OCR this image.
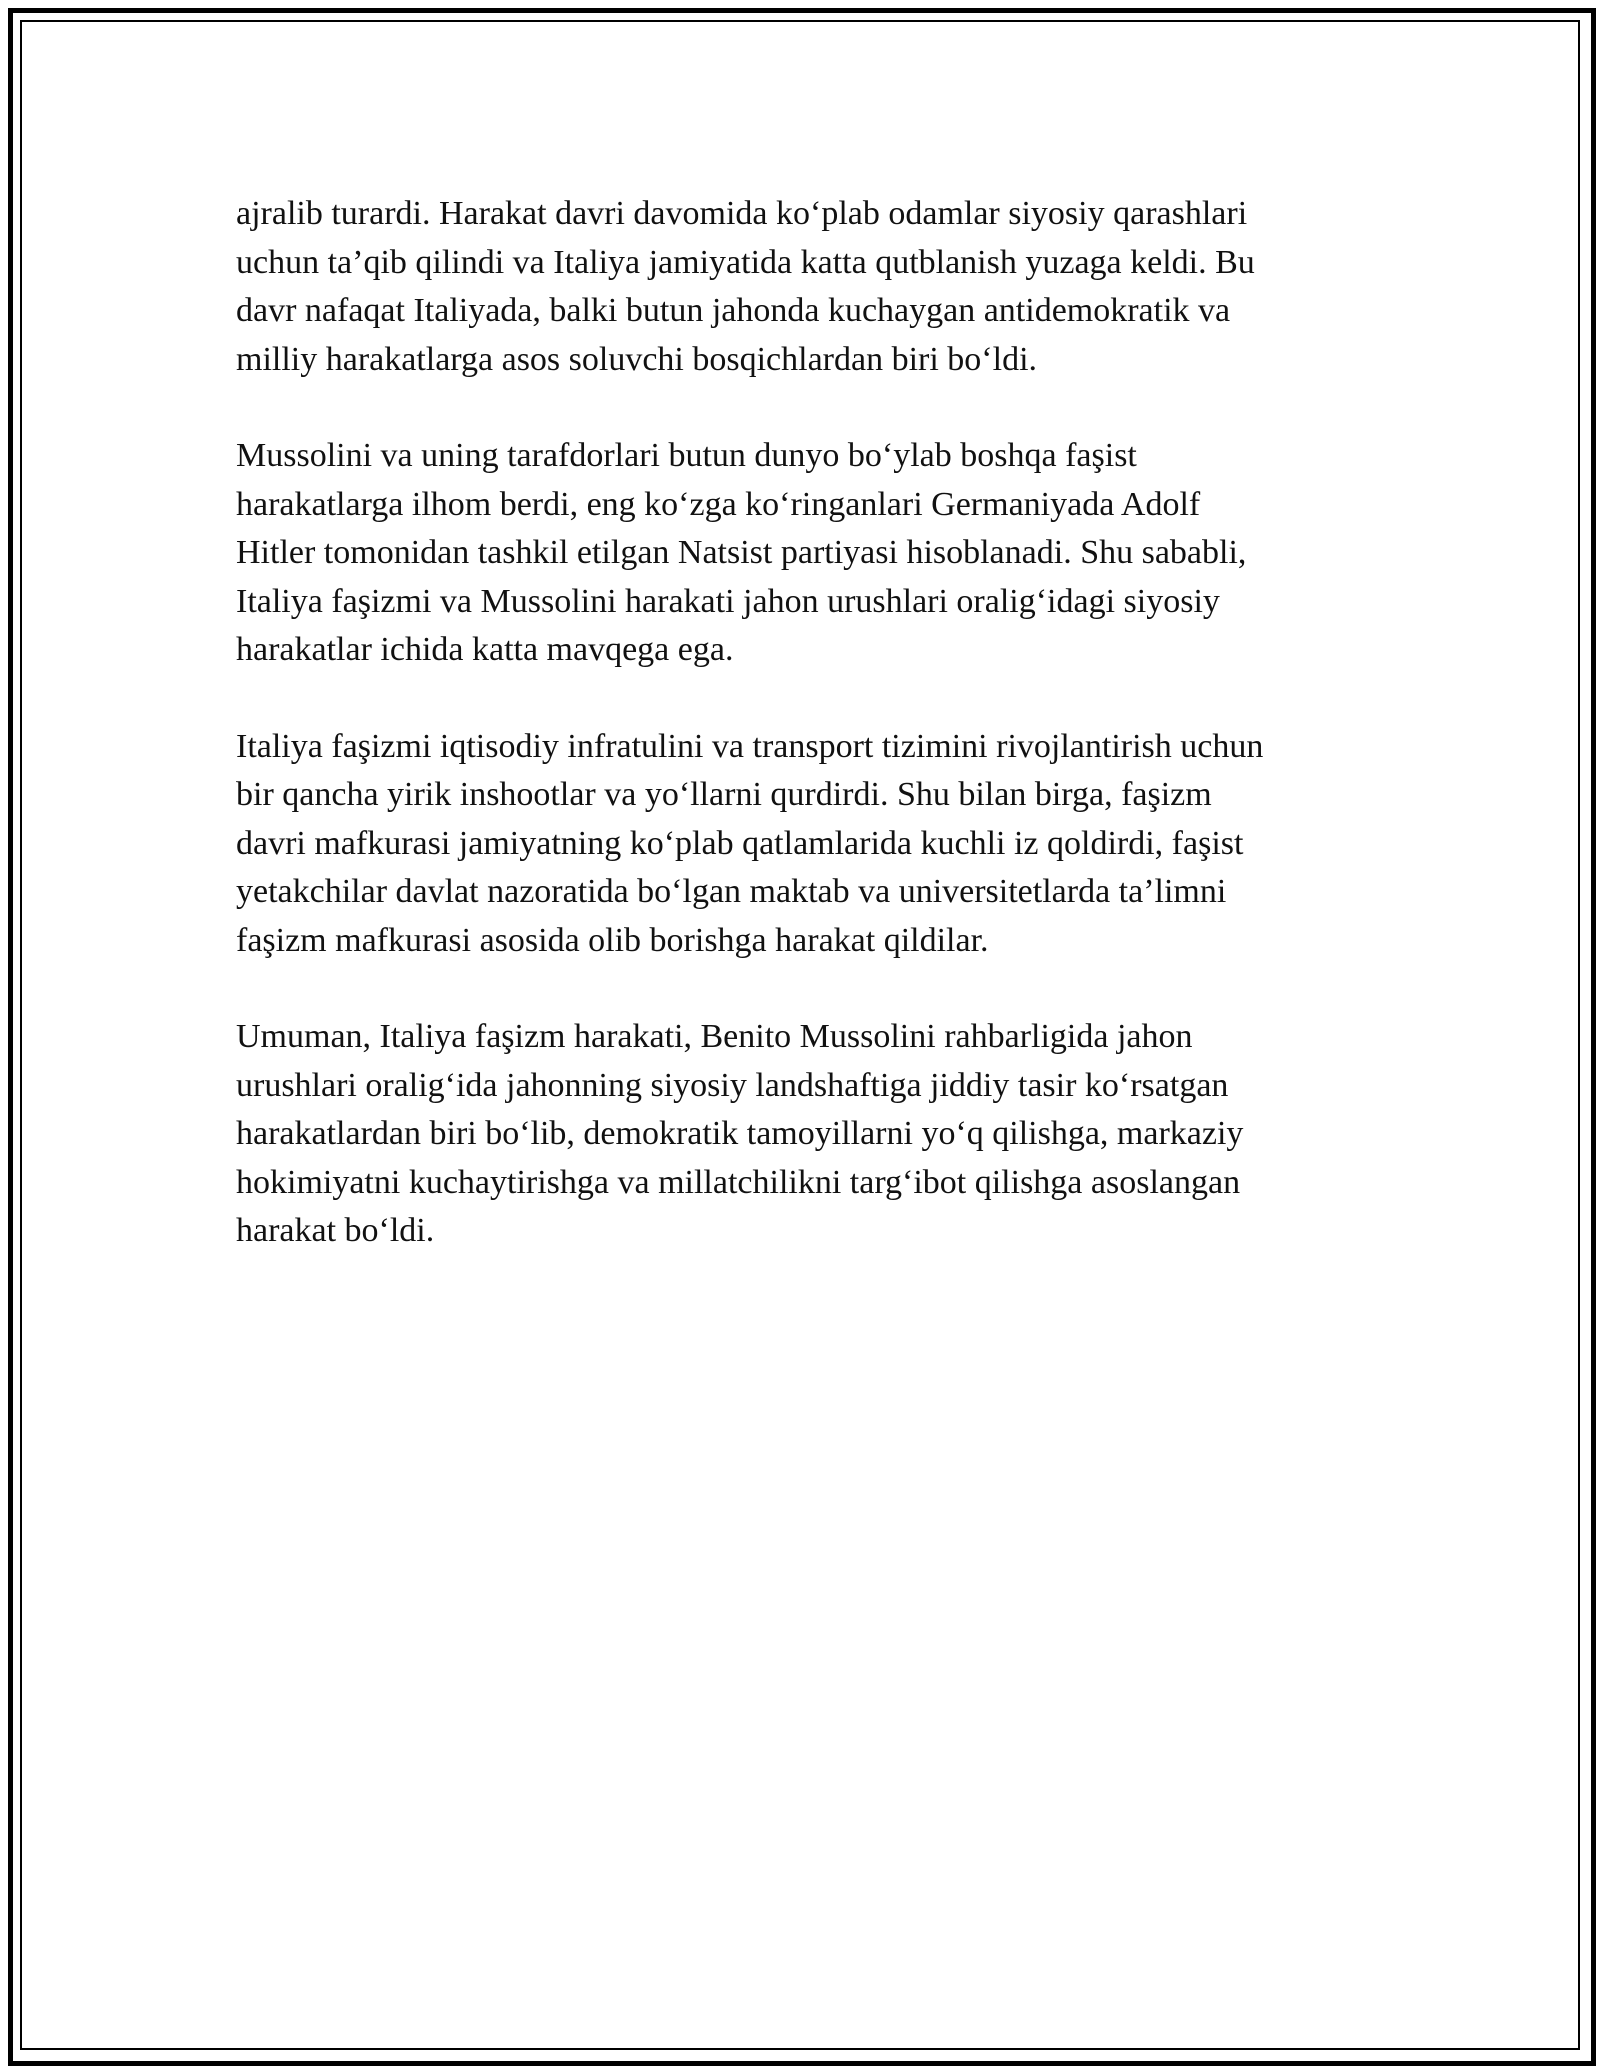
ajralib turardi. Harakat davri davomida ko‘plab odamlar siyosiy qarashlari
uchun ta’qib qilindi va Italiya jamiyatida katta qutblanish yuzaga keldi. Bu
davr nafaqat Italiyada, balki butun jahonda kuchaygan antidemokratik va
milliy harakatlarga asos soluvchi bosqichlardan biri bo‘ldi.

Mussolini va uning tarafdorlari butun dunyo bo‘ylab boshqa faşist
harakatlarga ilhom berdi, eng ko‘zga ko‘ringanlari Germaniyada Adolf
Hitler tomonidan tashkil etilgan Natsist partiyasi hisoblanadi. Shu sababli,
Italiya faşizmi va Mussolini harakati jahon urushlari oralig‘idagi siyosiy
harakatlar ichida katta mavqega ega.

Italiya faşizmi iqtisodiy infratulini va transport tizimini rivojlantirish uchun
bir qancha yirik inshootlar va yo‘llarni qurdirdi. Shu bilan birga, faşizm
davri mafkurasi jamiyatning ko‘plab qatlamlarida kuchli iz qoldirdi, faşist
yetakchilar davlat nazoratida bo‘lgan maktab va universitetlarda ta’limni
faşizm mafkurasi asosida olib borishga harakat qildilar.

Umuman, Italiya faşizm harakati, Benito Mussolini rahbarligida jahon
urushlari oralig‘ida jahonning siyosiy landshaftiga jiddiy tasir ko‘rsatgan
harakatlardan biri bo‘lib, demokratik tamoyillarni yo‘q qilishga, markaziy
hokimiyatni kuchaytirishga va millatchilikni targ‘ibot qilishga asoslangan
harakat bo‘ldi.
